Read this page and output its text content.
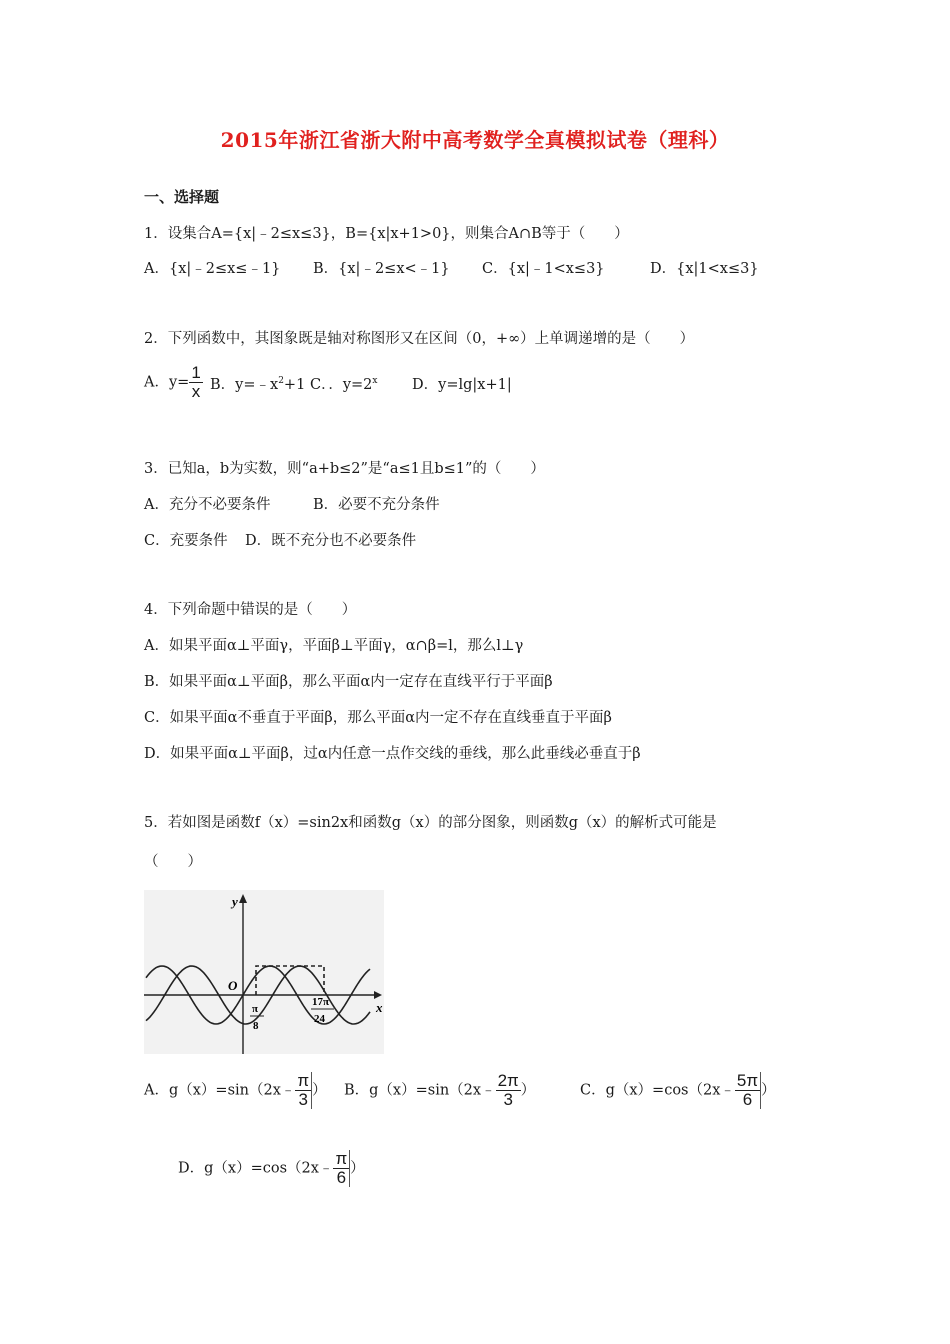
2015年浙江省浙大附中高考数学全真模拟试卷（理科）
一、选择题
1．设集合A={x|﹣2≤x≤3}，B={x|x+1>0}，则集合A∩B等于（　　）
A．{x|﹣2≤x≤﹣1} B．{x|﹣2≤x<﹣1} C．{x|﹣1<x≤3}	D．{x|1<x≤3}
2．下列函数中，其图象既是轴对称图形又在区间（0，+∞）上单调递增的是（　　）
A．$y= \frac{1}{x}$ B．$y=﹣x^2+1$ C．．$y=2^x$ D．y=lg|x+1|
3．已知a，b为实数，则“a+b≤2”是“a≤1且b≤1”的（　　）
A．充分不必要条件	B．必要不充分条件
C．充要条件 D．既不充分也不必要条件
4．下列命题中错误的是（　　）
A．如果平面α⊥平面γ，平面β⊥平面γ，α∩β=l，那么l⊥γ
B．如果平面α⊥平面β，那么平面α内一定存在直线平行于平面β
C．如果平面α不垂直于平面β，那么平面α内一定不存在直线垂直于平面β
D．如果平面α⊥平面β，过α内任意一点作交线的垂线，那么此垂线必垂直于β
5．若如图是函数f（x）=sin2x和函数g（x）的部分图象，则函数g（x）的解析式可能是
（　　）
y
x
O
π
8
17π
24
A．g（x）=sin（2x﹣ $\frac{\pi}{3}$ ） B．g（x）=sin（2x﹣ $\frac{2\pi}{3}$ ）	C．g（x）=cos（2x﹣ $\frac{5\pi}{6}$ ）
D．g（x）=cos（2x﹣ $\frac{\pi}{6}$ ）
